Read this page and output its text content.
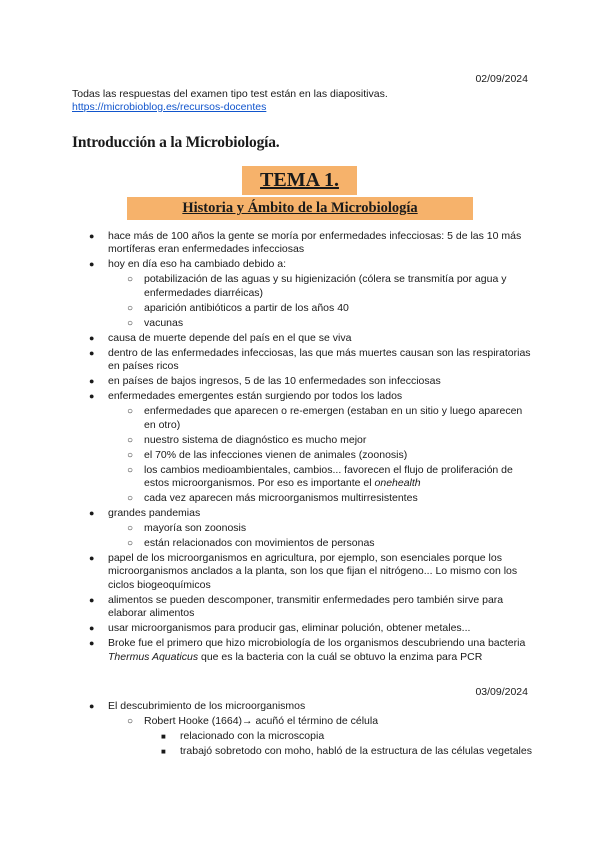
02/09/2024
Todas las respuestas del examen tipo test están en las diapositivas.
https://microbioblog.es/recursos-docentes
Introducción a la Microbiología.
TEMA 1.
Historia y Ámbito de la Microbiología
● hace más de 100 años la gente se moría por enfermedades infecciosas: 5 de las 10 más mortíferas eran enfermedades infecciosas
● hoy en día eso ha cambiado debido a:
○ potabilización de las aguas y su higienización (cólera se transmitía por agua y enfermedades diarréicas)
○ aparición antibióticos a partir de los años 40
○ vacunas
● causa de muerte depende del país en el que se viva
● dentro de las enfermedades infecciosas, las que más muertes causan son las respiratorias en países ricos
● en países de bajos ingresos, 5 de las 10 enfermedades son infecciosas
● enfermedades emergentes están surgiendo por todos los lados
○ enfermedades que aparecen o re-emergen (estaban en un sitio y luego aparecen en otro)
○ nuestro sistema de diagnóstico es mucho mejor
○ el 70% de las infecciones vienen de animales (zoonosis)
○ los cambios medioambientales, cambios... favorecen el flujo de proliferación de estos microorganismos. Por eso es importante el onehealth
○ cada vez aparecen más microorganismos multirresistentes
● grandes pandemias
○ mayoría son zoonosis
○ están relacionados con movimientos de personas
● papel de los microorganismos en agricultura, por ejemplo, son esenciales porque los microorganismos anclados a la planta, son los que fijan el nitrógeno... Lo mismo con los ciclos biogeoquímicos
● alimentos se pueden descomponer, transmitir enfermedades pero también sirve para elaborar alimentos
● usar microorganismos para producir gas, eliminar polución, obtener metales...
● Broke fue el primero que hizo microbiología de los organismos descubriendo una bacteria Thermus Aquaticus que es la bacteria con la cuál se obtuvo la enzima para PCR
03/09/2024
● El descubrimiento de los microorganismos
○ Robert Hooke (1664)→ acuñó el término de célula
■ relacionado con la microscopia
■ trabajó sobretodo con moho, habló de la estructura de las células vegetales
